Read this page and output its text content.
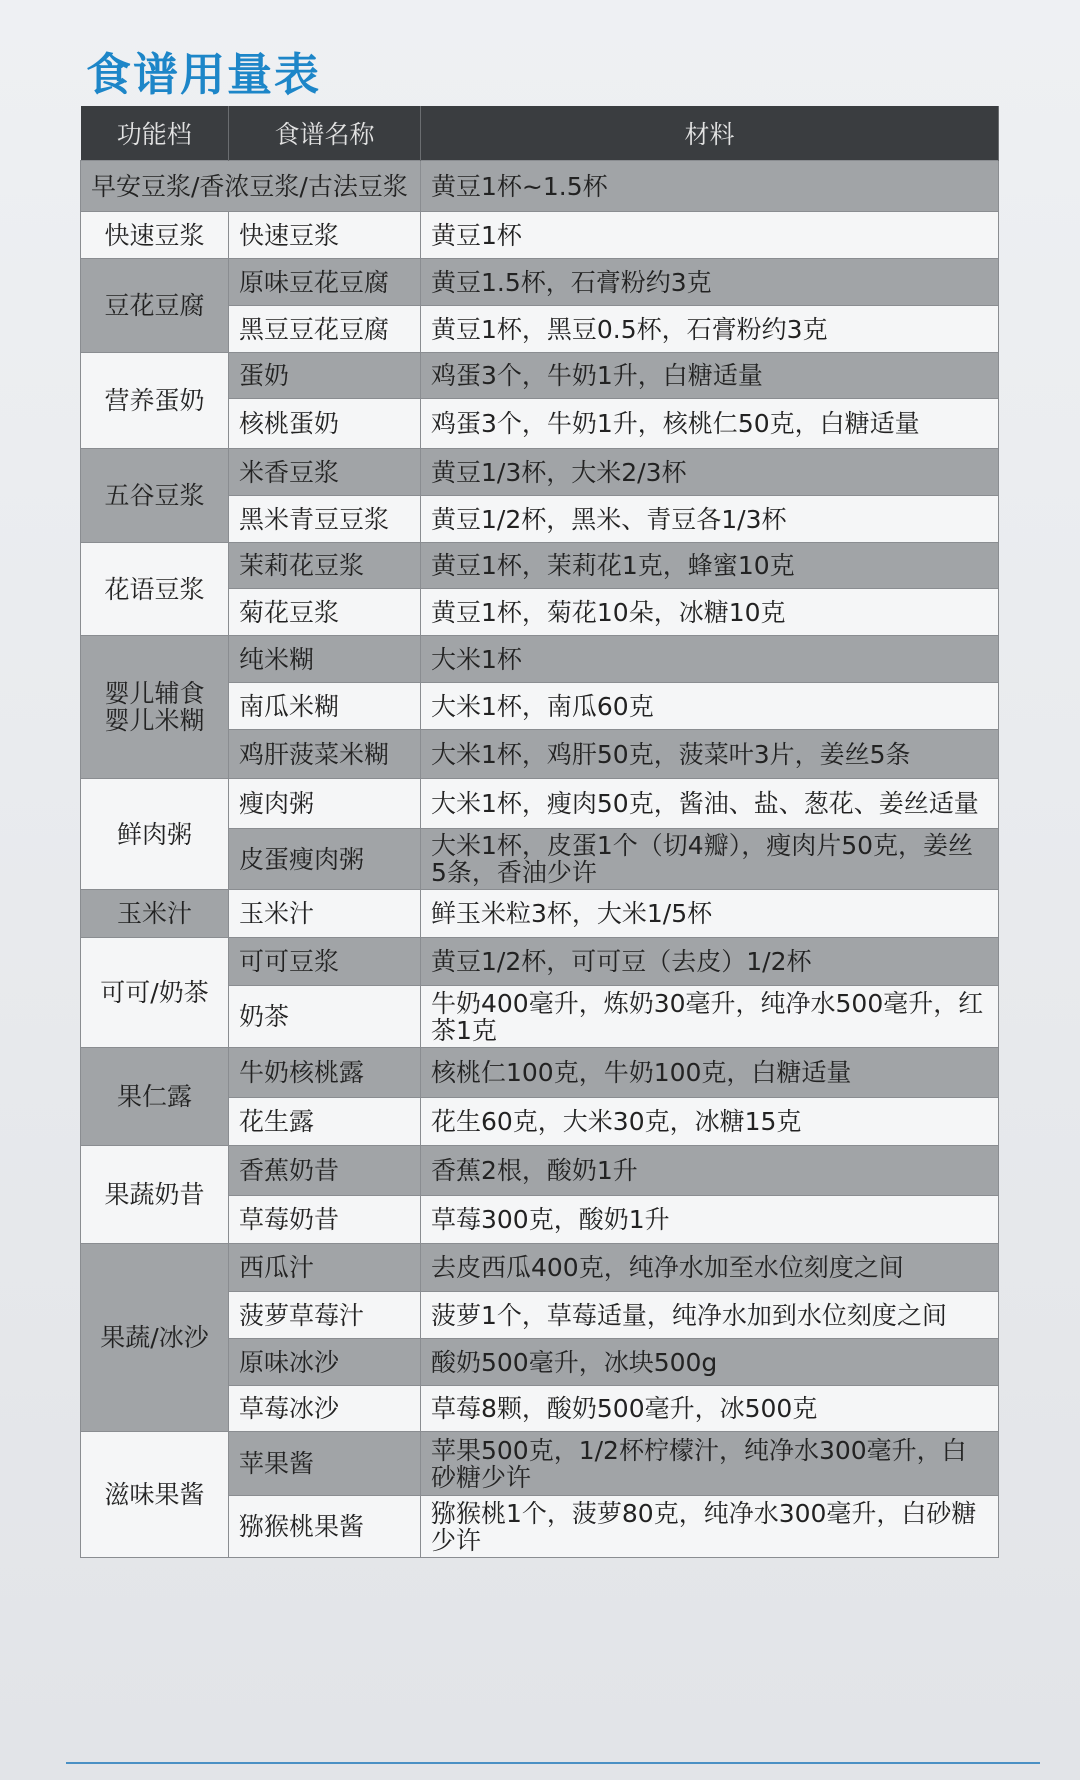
食谱用量表
功能档	食谱名称	材料
早安豆浆/香浓豆浆/古法豆浆		黄豆1杯~1.5杯
快速豆浆	快速豆浆	黄豆1杯
豆花豆腐	原味豆花豆腐	黄豆1.5杯，石膏粉约3克
	黑豆豆花豆腐	黄豆1杯，黑豆0.5杯，石膏粉约3克
营养蛋奶	蛋奶	鸡蛋3个，牛奶1升，白糖适量
	核桃蛋奶	鸡蛋3个，牛奶1升，核桃仁50克，白糖适量
五谷豆浆	米香豆浆	黄豆1/3杯，大米2/3杯
	黑米青豆豆浆	黄豆1/2杯，黑米、青豆各1/3杯
花语豆浆	茉莉花豆浆	黄豆1杯，茉莉花1克，蜂蜜10克
	菊花豆浆	黄豆1杯，菊花10朵，冰糖10克
婴儿辅食 婴儿米糊	纯米糊	大米1杯
	南瓜米糊	大米1杯，南瓜60克
	鸡肝菠菜米糊	大米1杯，鸡肝50克，菠菜叶3片，姜丝5条
鲜肉粥	瘦肉粥	大米1杯，瘦肉50克，酱油、盐、葱花、姜丝适量
	皮蛋瘦肉粥	大米1杯，皮蛋1个（切4瓣），瘦肉片50克，姜丝5条，香油少许
玉米汁	玉米汁	鲜玉米粒3杯，大米1/5杯
可可/奶茶	可可豆浆	黄豆1/2杯，可可豆（去皮）1/2杯
	奶茶	牛奶400毫升，炼奶30毫升，纯净水500毫升，红茶1克
果仁露	牛奶核桃露	核桃仁100克，牛奶100克，白糖适量
	花生露	花生60克，大米30克，冰糖15克
果蔬奶昔	香蕉奶昔	香蕉2根，酸奶1升
	草莓奶昔	草莓300克，酸奶1升
果蔬/冰沙	西瓜汁	去皮西瓜400克，纯净水加至水位刻度之间
	菠萝草莓汁	菠萝1个，草莓适量，纯净水加到水位刻度之间
	原味冰沙	酸奶500毫升，冰块500g
	草莓冰沙	草莓8颗，酸奶500毫升，冰500克
滋味果酱	苹果酱	苹果500克，1/2杯柠檬汁，纯净水300毫升，白砂糖少许
	猕猴桃果酱	猕猴桃1个，菠萝80克，纯净水300毫升，白砂糖少许
